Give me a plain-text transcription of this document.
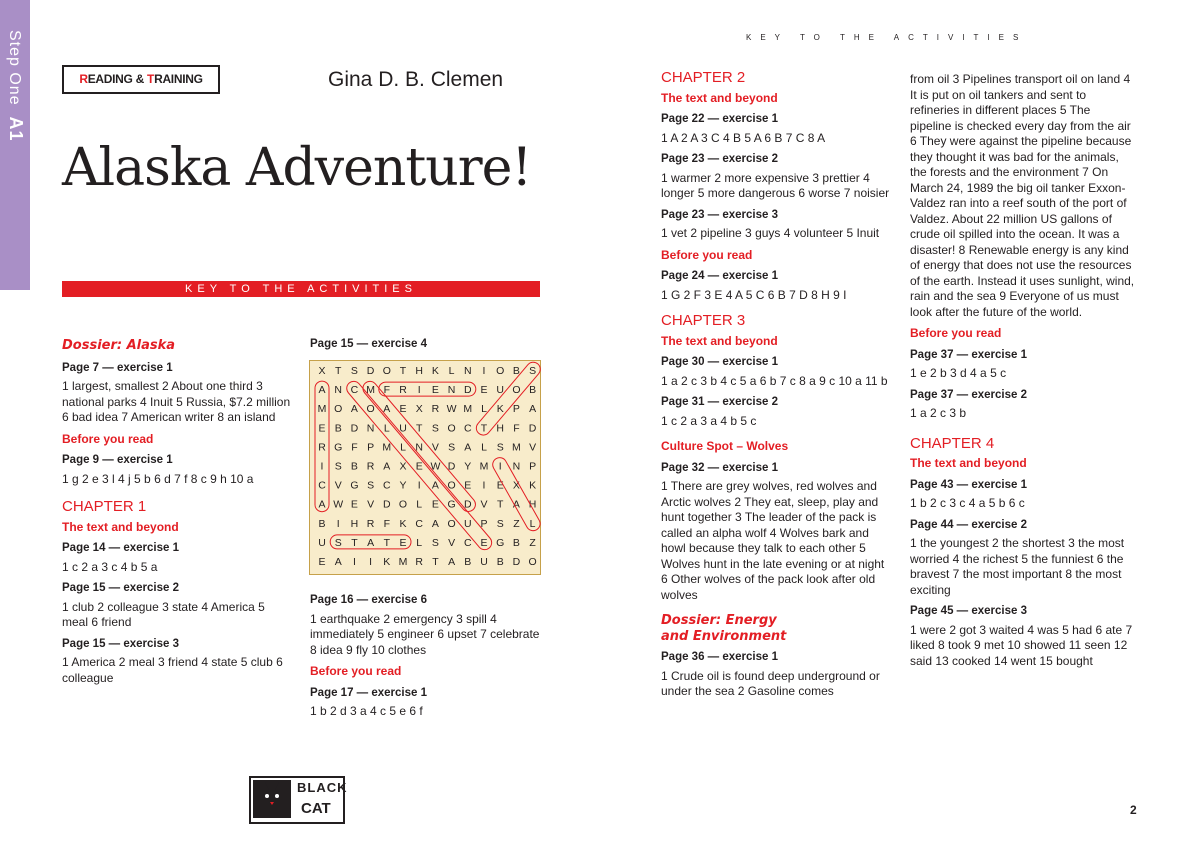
Step One  A1
READING & TRAINING	Gina D. B. Clemen
Alaska Adventure!
KEY TO THE ACTIVITIES

Dossier: Alaska

Page 7 — exercise 1

1 largest, smallest 2 About one third 3 national parks 4 Inuit 5 Russia, $7.2 million 6 bad idea 7 American writer 8 an island

Before you read

Page 9 — exercise 1

1 g 2 e 3 l 4 j 5 b 6 d 7 f 8 c 9 h 10 a

CHAPTER 1

The text and beyond

Page 14 — exercise 1

1 c 2 a 3 c 4 b 5 a

Page 15 — exercise 2

1 club 2 colleague 3 state 4 America 5 meal 6 friend

Page 15 — exercise 3

1 America 2 meal 3 friend 4 state 5 club 6 colleague

Page 15 — exercise 4

X T S D O T H K L N I O B S
A N C M F R I E N D E U O B
M O A O A E X R W M L K P A
E B D N L U T S O C T H F D
R G F P M L N V S A L S M V
I S B R A X E W D Y M I N P
C V G S C Y I A O E I E X K
A W E V D O L E G D V T A H
B I H R F K C A O U P S Z L
U S T A T E L S V C E G B Z
E A I I K M R T A B U B D O

Page 16 — exercise 6

1 earthquake 2 emergency 3 spill 4 immediately 5 engineer 6 upset 7 celebrate 8 idea 9 fly 10 clothes

Before you read

Page 17 — exercise 1

1 b 2 d 3 a 4 c 5 e 6 f

BLACK
CAT
KEY TO THE ACTIVITIES

CHAPTER 2

The text and beyond

Page 22 — exercise 1

1 A 2 A 3 C 4 B 5 A 6 B 7 C 8 A

Page 23 — exercise 2

1 warmer 2 more expensive 3 prettier 4 longer 5 more dangerous 6 worse 7 noisier

Page 23 — exercise 3

1 vet 2 pipeline 3 guys 4 volunteer 5 Inuit

Before you read

Page 24 — exercise 1

1 G 2 F 3 E 4 A 5 C 6 B 7 D 8 H 9 I

CHAPTER 3

The text and beyond

Page 30 — exercise 1

1 a 2 c 3 b 4 c 5 a 6 b 7 c 8 a 9 c 10 a 11 b

Page 31 — exercise 2

1 c 2 a 3 a 4 b 5 c

Culture Spot – Wolves

Page 32 — exercise 1

1 There are grey wolves, red wolves and Arctic wolves 2 They eat, sleep, play and hunt together 3 The leader of the pack is called an alpha wolf 4 Wolves bark and howl because they talk to each other 5 Wolves hunt in the late evening or at night 6 Other wolves of the pack look after old wolves

Dossier: Energy

and Environment

Page 36 — exercise 1

1 Crude oil is found deep underground or under the sea 2 Gasoline comes

from oil 3 Pipelines transport oil on land 4 It is put on oil tankers and sent to refineries in different places 5 The pipeline is checked every day from the air 6 They were against the pipeline because they thought it was bad for the animals, the forests and the environment 7 On March 24, 1989 the big oil tanker Exxon-Valdez ran into a reef south of the port of Valdez. About 22 million US gallons of crude oil spilled into the ocean. It was a disaster! 8 Renewable energy is any kind of energy that does not use the resources of the earth. Instead it uses sunlight, wind, rain and the sea 9 Everyone of us must look after the future of the world.

Before you read

Page 37 — exercise 1

1 e 2 b 3 d 4 a 5 c

Page 37 — exercise 2

1 a 2 c 3 b

CHAPTER 4

The text and beyond

Page 43 — exercise 1

1 b 2 c 3 c 4 a 5 b 6 c

Page 44 — exercise 2

1 the youngest 2 the shortest 3 the most worried 4 the richest 5 the funniest 6 the bravest 7 the most important 8 the most exciting

Page 45 — exercise 3

1 were 2 got 3 waited 4 was 5 had 6 ate 7 liked 8 took 9 met 10 showed 11 seen 12 said 13 cooked 14 went 15 bought

2
